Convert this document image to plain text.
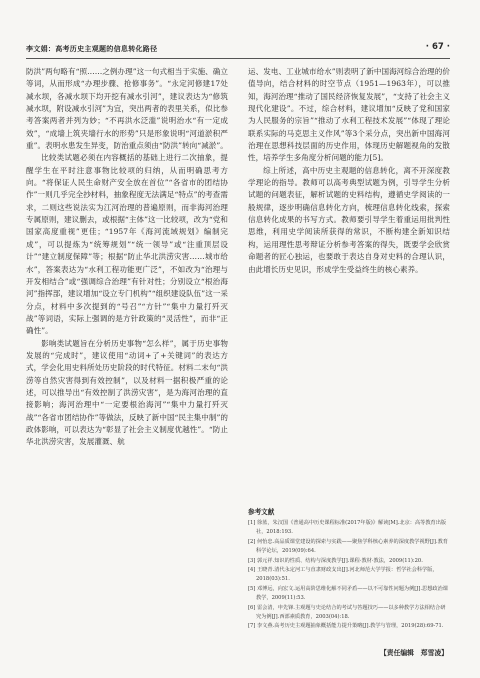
李文娟：高考历史主观题的信息转化路径	· 67 ·

防洪”两句略有“照……之例办理”这一句式相当于实施、确立等词，从而形成“办理步骤、抢修事务”。“永定河修建17处减水坝，各减水坝下均开挖有减水引河”，建议表达为“修筑减水坝，附设减水引河”为宜，突出两者的表里关系，似比参考答案两者并列为妙；“不再洪水泛滥”说明治水“有一定成效”，“成墙上筑夹墙行水的形势”只是形象说明“河道淤积严重”。表明水患发生异变，防治重点须由“防洪”转向“减淤”。

比较类试题必须在内容概括的基础上进行二次抽象，提醒学生在平时注意事物比较项的归纳，从而明确思考方向。“将保证人民生命财产安全放在首位”“各省市的团结协作”一则几乎完全抄材料，抽象程度无法满足“特点”的考查需求，二则这些说法实为江河治理的普遍原则，而非海河治理专属原则，建议删去，或根据“主体”这一比较项，改为“党和国家高度重视”更佳；“1957年《海河流域规划》编制完成”，可以提炼为“统筹规划”“统一领导”或“注重顶层设计”“建立制度保障”等；根据“防止华北洪涝灾害……城市给水”，答案表达为“水利工程功能更广泛”，不如改为“治理与开发相结合”或“强调综合治理”有针对性；分别设立“根治海河”指挥部，建议增加“设立专门机构”“组织建设队伍”这一采分点，材料中多次提到的“号召”“方针”“集中力量打歼灭战”等词语，实际上强调的是方针政策的“灵活性”，而非“正确性”。

影响类试题旨在分析历史事物“怎么样”，属于历史事物发展的“完成时”，建议使用“动词+了+关键词”的表达方式，学会化用史料所处历史阶段的时代特征。材料二末句“洪涝等自然灾害得到有效控制”，以及材料一据积极严重的论述，可以推导出“有效控制了洪涝灾害”，是为海河治理的直接影响；海河治理中“一定要根治海河”“集中力量打歼灭战”“各省市团结协作”等做法，反映了新中国“民主集中制”的政体影响，可以表达为“彰显了社会主义制度优越性”。“防止华北洪涝灾害，发展灌溉、航

运、发电、工业城市给水”则表明了新中国海河综合治理的价值导向，结合材料的时空节点（1951—1963年），可以推知，海河治理“推动了国民经济恢复发展”，“支持了社会主义现代化建设”。不过，综合材料，建议增加“反映了党和国家为人民服务的宗旨”“推动了水利工程技术发展”“体现了理论联系实际的马克思主义作风”等3个采分点，突出新中国海河治理在思想科技层面的历史作用，体现历史解题视角的发散性，培养学生多角度分析问题的能力[5]。

综上所述，高中历史主观题的信息转化，离不开深度教学理论的指导。教师可以高考典型试题为例，引导学生分析试题的问题表征，解析试题的史料结构，遵循史学阅读的一般规律，逐步明确信息转化方向，梳理信息转化线索，探索信息转化成果的书写方式。教师要引导学生着重运用批判性思维，利用史学阅读所获得的常识，不断构建全新知识结构，运用理性思考辩证分析参考答案的得失，既要学会欣赏命题者的匠心独运，也要敢于表达自身对史料的合理认识，由此增长历史见识，形成学生受益终生的核心素养。

参考文献

[1] 徐蓝，朱汉国《普通高中历史课程标准(2017年版)》解读[M].北京：高等教育出版社，2018:193.

[2] 何怡忠.高品质课堂建设的探索与实践——聚焦学科核心素养的深度教学视野[J].教育科学论坛，2019(09):64.

[3] 郭元祥.知识的性质、结构与深度教学[J].课程·教材·教法，2009(11):20.

[4] 王晓青.清代永定河工与直隶财政支出[J].河北师范大学学报：哲学社会科学版，2018(03):51.

[5] 邓博远，向宏文.运用高阶思维化解不同矛盾——以不可靠性问题为例[J].思想政治课教学，2009(11):53.

[6] 雷会清，申先锋.主观题与史论结合的考试与答题技巧——以多种教学方法相结合研究为例[J].西部素质教育，2003(04):18.

[7] 李文燕.高考历史主观题抽象概括能力提升策略[J].教学与管理，2019(28):69-71.

【责任编辑　郑雪凌】
